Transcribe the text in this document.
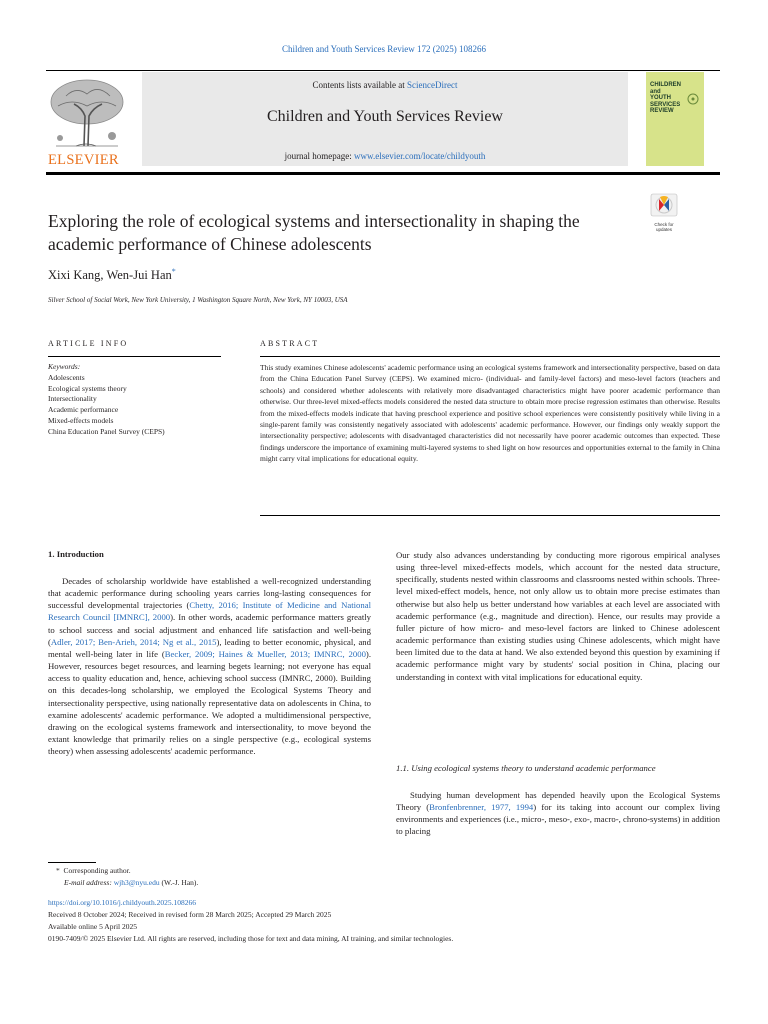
Children and Youth Services Review 172 (2025) 108266
ELSEVIER
Contents lists available at ScienceDirect
Children and Youth Services Review
journal homepage: www.elsevier.com/locate/childyouth
CHILDREN
and
YOUTH
SERVICES
REVIEW
Exploring the role of ecological systems and intersectionality in shaping the academic performance of Chinese adolescents
Check for
updates
Xixi Kang, Wen-Jui Han*
Silver School of Social Work, New York University, 1 Washington Square North, New York, NY 10003, USA
ARTICLE INFO	ABSTRACT
Keywords:
Adolescents
Ecological systems theory
Intersectionality
Academic performance
Mixed-effects models
China Education Panel Survey (CEPS)
This study examines Chinese adolescents' academic performance using an ecological systems framework and intersectionality perspective, based on data from the China Education Panel Survey (CEPS). We examined micro- (individual- and family-level factors) and meso-level factors (teachers and schools) and considered whether adolescents with relatively more disadvantaged characteristics might have poorer academic performance than otherwise. Our three-level mixed-effects models considered the nested data structure to obtain more precise regression estimates than otherwise. Results from the mixed-effects models indicate that having preschool experience and positive school experiences were consistently positively while living in a single-parent family was consistently negatively associated with adolescents' academic performance. However, our findings only weakly support the intersectionality perspective; adolescents with disadvantaged characteristics did not necessarily have poorer academic outcomes than expected. These findings underscore the importance of examining multi-layered systems to shed light on how resources and opportunities external to the family in China might carry vital implications for educational equity.
1. Introduction
Decades of scholarship worldwide have established a well-recognized understanding that academic performance during schooling years carries long-lasting consequences for successful developmental trajectories (Chetty, 2016; Institute of Medicine and National Research Council [IMNRC], 2000). In other words, academic performance matters greatly to school success and social adjustment and enhanced life satisfaction and well-being (Adler, 2017; Ben-Arieh, 2014; Ng et al., 2015), leading to better economic, physical, and mental well-being later in life (Becker, 2009; Haines & Mueller, 2013; IMNRC, 2000). However, resources beget resources, and learning begets learning; not everyone has equal access to quality education and, hence, achieving school success (IMNRC, 2000). Building on this decades-long scholarship, we employed the Ecological Systems Theory and intersectionality perspective, using nationally representative data on adolescents in China, to examine adolescents' academic performance. We adopted a multidimensional perspective, drawing on the ecological systems framework and intersectionality, to move beyond the extant knowledge that primarily relies on a single perspective (e.g., ecological systems theory) when assessing adolescents' academic performance.
Our study also advances understanding by conducting more rigorous empirical analyses using three-level mixed-effects models, which account for the nested data structure, specifically, students nested within classrooms and classrooms nested within schools. Three-level mixed-effect models, hence, not only allow us to obtain more precise estimates than otherwise but also help us better understand how variables at each level are associated with academic performance (e.g., magnitude and direction). Hence, our results may provide a fuller picture of how micro- and meso-level factors are linked to Chinese adolescent academic performance than existing studies using Chinese adolescents, which might have been limited due to the data at hand. We also extended beyond this question by examining if academic performance might vary by students' social position in China, placing our understanding in context with vital implications for educational equity.
1.1. Using ecological systems theory to understand academic performance
Studying human development has depended heavily upon the Ecological Systems Theory (Bronfenbrenner, 1977, 1994) for its taking into account our complex living environments and experiences (i.e., micro-, meso-, exo-, macro-, chrono-systems) in addition to placing
* Corresponding author.
E-mail address: wjh3@nyu.edu (W.-J. Han).
https://doi.org/10.1016/j.childyouth.2025.108266
Received 8 October 2024; Received in revised form 28 March 2025; Accepted 29 March 2025
Available online 5 April 2025
0190-7409/© 2025 Elsevier Ltd. All rights are reserved, including those for text and data mining, AI training, and similar technologies.
